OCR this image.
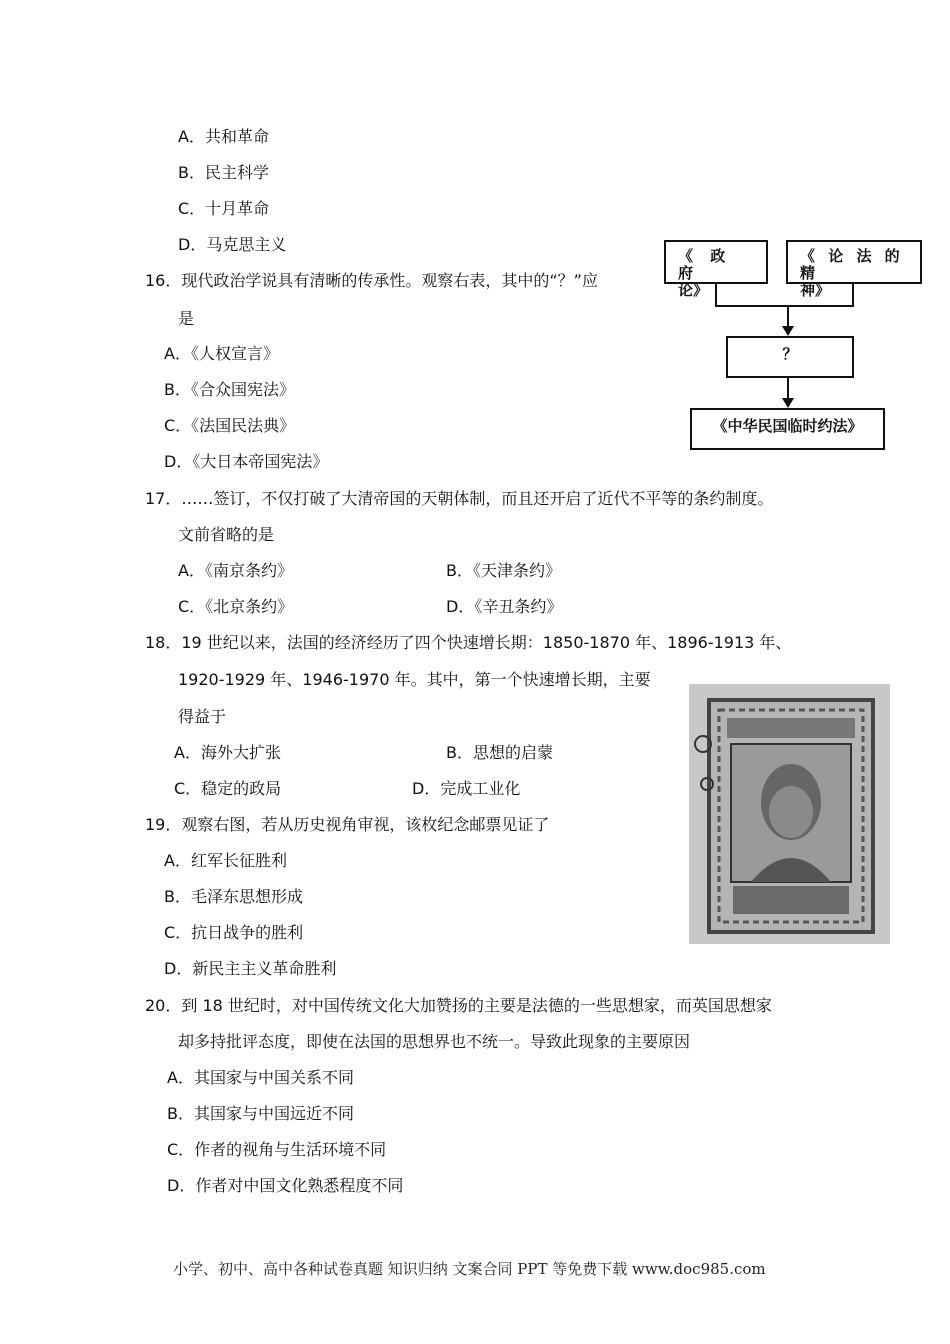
A．共和革命
B．民主科学
C．十月革命
D．马克思主义
16．现代政治学说具有清晰的传承性。观察右表，其中的“？”应
是
A．《人权宣言》
B．《合众国宪法》
C．《法国民法典》
D．《大日本帝国宪法》
《 政 府
论》
《 论 法 的 精
神》
？
《中华民国临时约法》
17．……签订，不仅打破了大清帝国的天朝体制，而且还开启了近代不平等的条约制度。
文前省略的是
A．《南京条约》	B．《天津条约》
C．《北京条约》	D．《辛丑条约》
18．19 世纪以来，法国的经济经历了四个快速增长期：1850-1870 年、1896-1913 年、
1920-1929 年、1946-1970 年。其中，第一个快速增长期，主要
得益于
A．海外大扩张	B．思想的启蒙
C．稳定的政局	D．完成工业化
19．观察右图，若从历史视角审视，该枚纪念邮票见证了
A．红军长征胜利
B．毛泽东思想形成
C．抗日战争的胜利
D．新民主主义革命胜利
20．到 18 世纪时，对中国传统文化大加赞扬的主要是法德的一些思想家，而英国思想家
却多持批评态度，即使在法国的思想界也不统一。导致此现象的主要原因
A．其国家与中国关系不同
B．其国家与中国远近不同
C．作者的视角与生活环境不同
D．作者对中国文化熟悉程度不同
小学、初中、高中各种试卷真题 知识归纳 文案合同 PPT 等免费下载 www.doc985.com
